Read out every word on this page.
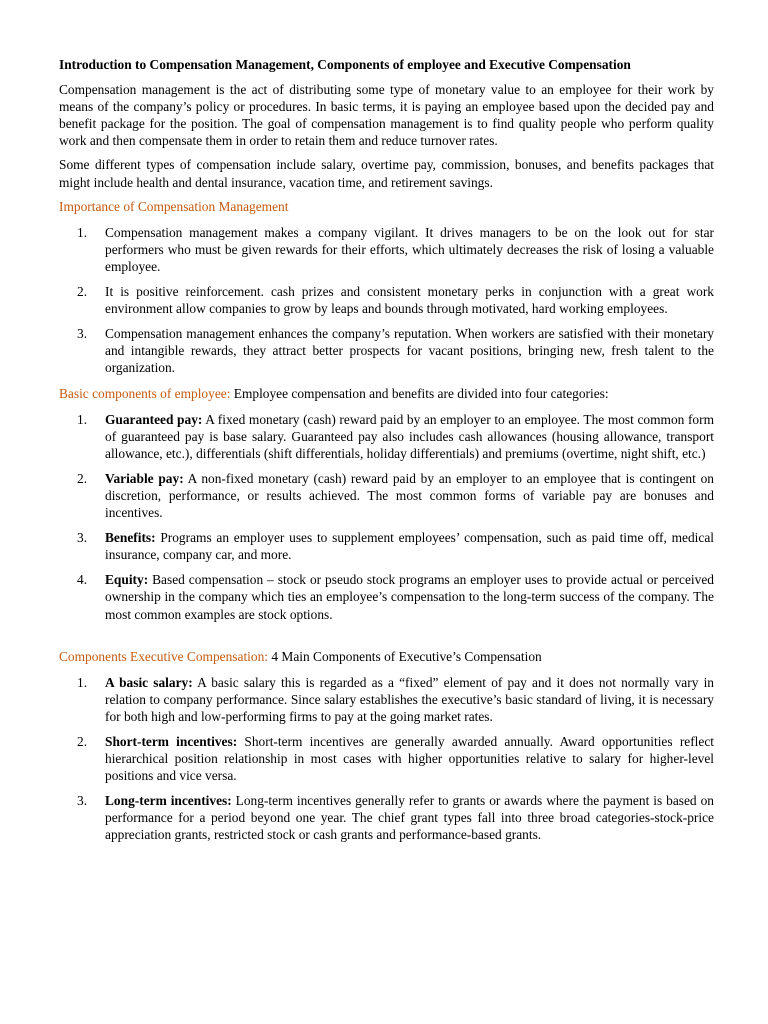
Introduction to Compensation Management, Components of employee and Executive Compensation

Compensation management is the act of distributing some type of monetary value to an employee for their work by means of the company’s policy or procedures. In basic terms, it is paying an employee based upon the decided pay and benefit package for the position. The goal of compensation management is to find quality people who perform quality work and then compensate them in order to retain them and reduce turnover rates.

Some different types of compensation include salary, overtime pay, commission, bonuses, and benefits packages that might include health and dental insurance, vacation time, and retirement savings.

Importance of Compensation Management
1. Compensation management makes a company vigilant. It drives managers to be on the look out for star performers who must be given rewards for their efforts, which ultimately decreases the risk of losing a valuable employee.
2. It is positive reinforcement. cash prizes and consistent monetary perks in conjunction with a great work environment allow companies to grow by leaps and bounds through motivated, hard working employees.
3. Compensation management enhances the company’s reputation. When workers are satisfied with their monetary and intangible rewards, they attract better prospects for vacant positions, bringing new, fresh talent to the organization.
Basic components of employee: Employee compensation and benefits are divided into four categories:
1. Guaranteed pay: A fixed monetary (cash) reward paid by an employer to an employee. The most common form of guaranteed pay is base salary. Guaranteed pay also includes cash allowances (housing allowance, transport allowance, etc.), differentials (shift differentials, holiday differentials) and premiums (overtime, night shift, etc.)
2. Variable pay: A non-fixed monetary (cash) reward paid by an employer to an employee that is contingent on discretion, performance, or results achieved. The most common forms of variable pay are bonuses and incentives.
3. Benefits: Programs an employer uses to supplement employees’ compensation, such as paid time off, medical insurance, company car, and more.
4. Equity: Based compensation – stock or pseudo stock programs an employer uses to provide actual or perceived ownership in the company which ties an employee’s compensation to the long-term success of the company. The most common examples are stock options.
Components Executive Compensation: 4 Main Components of Executive’s Compensation
1. A basic salary: A basic salary this is regarded as a “fixed” element of pay and it does not normally vary in relation to company performance. Since salary establishes the executive’s basic standard of living, it is necessary for both high and low-performing firms to pay at the going market rates.
2. Short-term incentives: Short-term incentives are generally awarded annually. Award opportunities reflect hierarchical position relationship in most cases with higher opportunities relative to salary for higher-level positions and vice versa.
3. Long-term incentives: Long-term incentives generally refer to grants or awards where the payment is based on performance for a period beyond one year. The chief grant types fall into three broad categories-stock-price appreciation grants, restricted stock or cash grants and performance-based grants.
